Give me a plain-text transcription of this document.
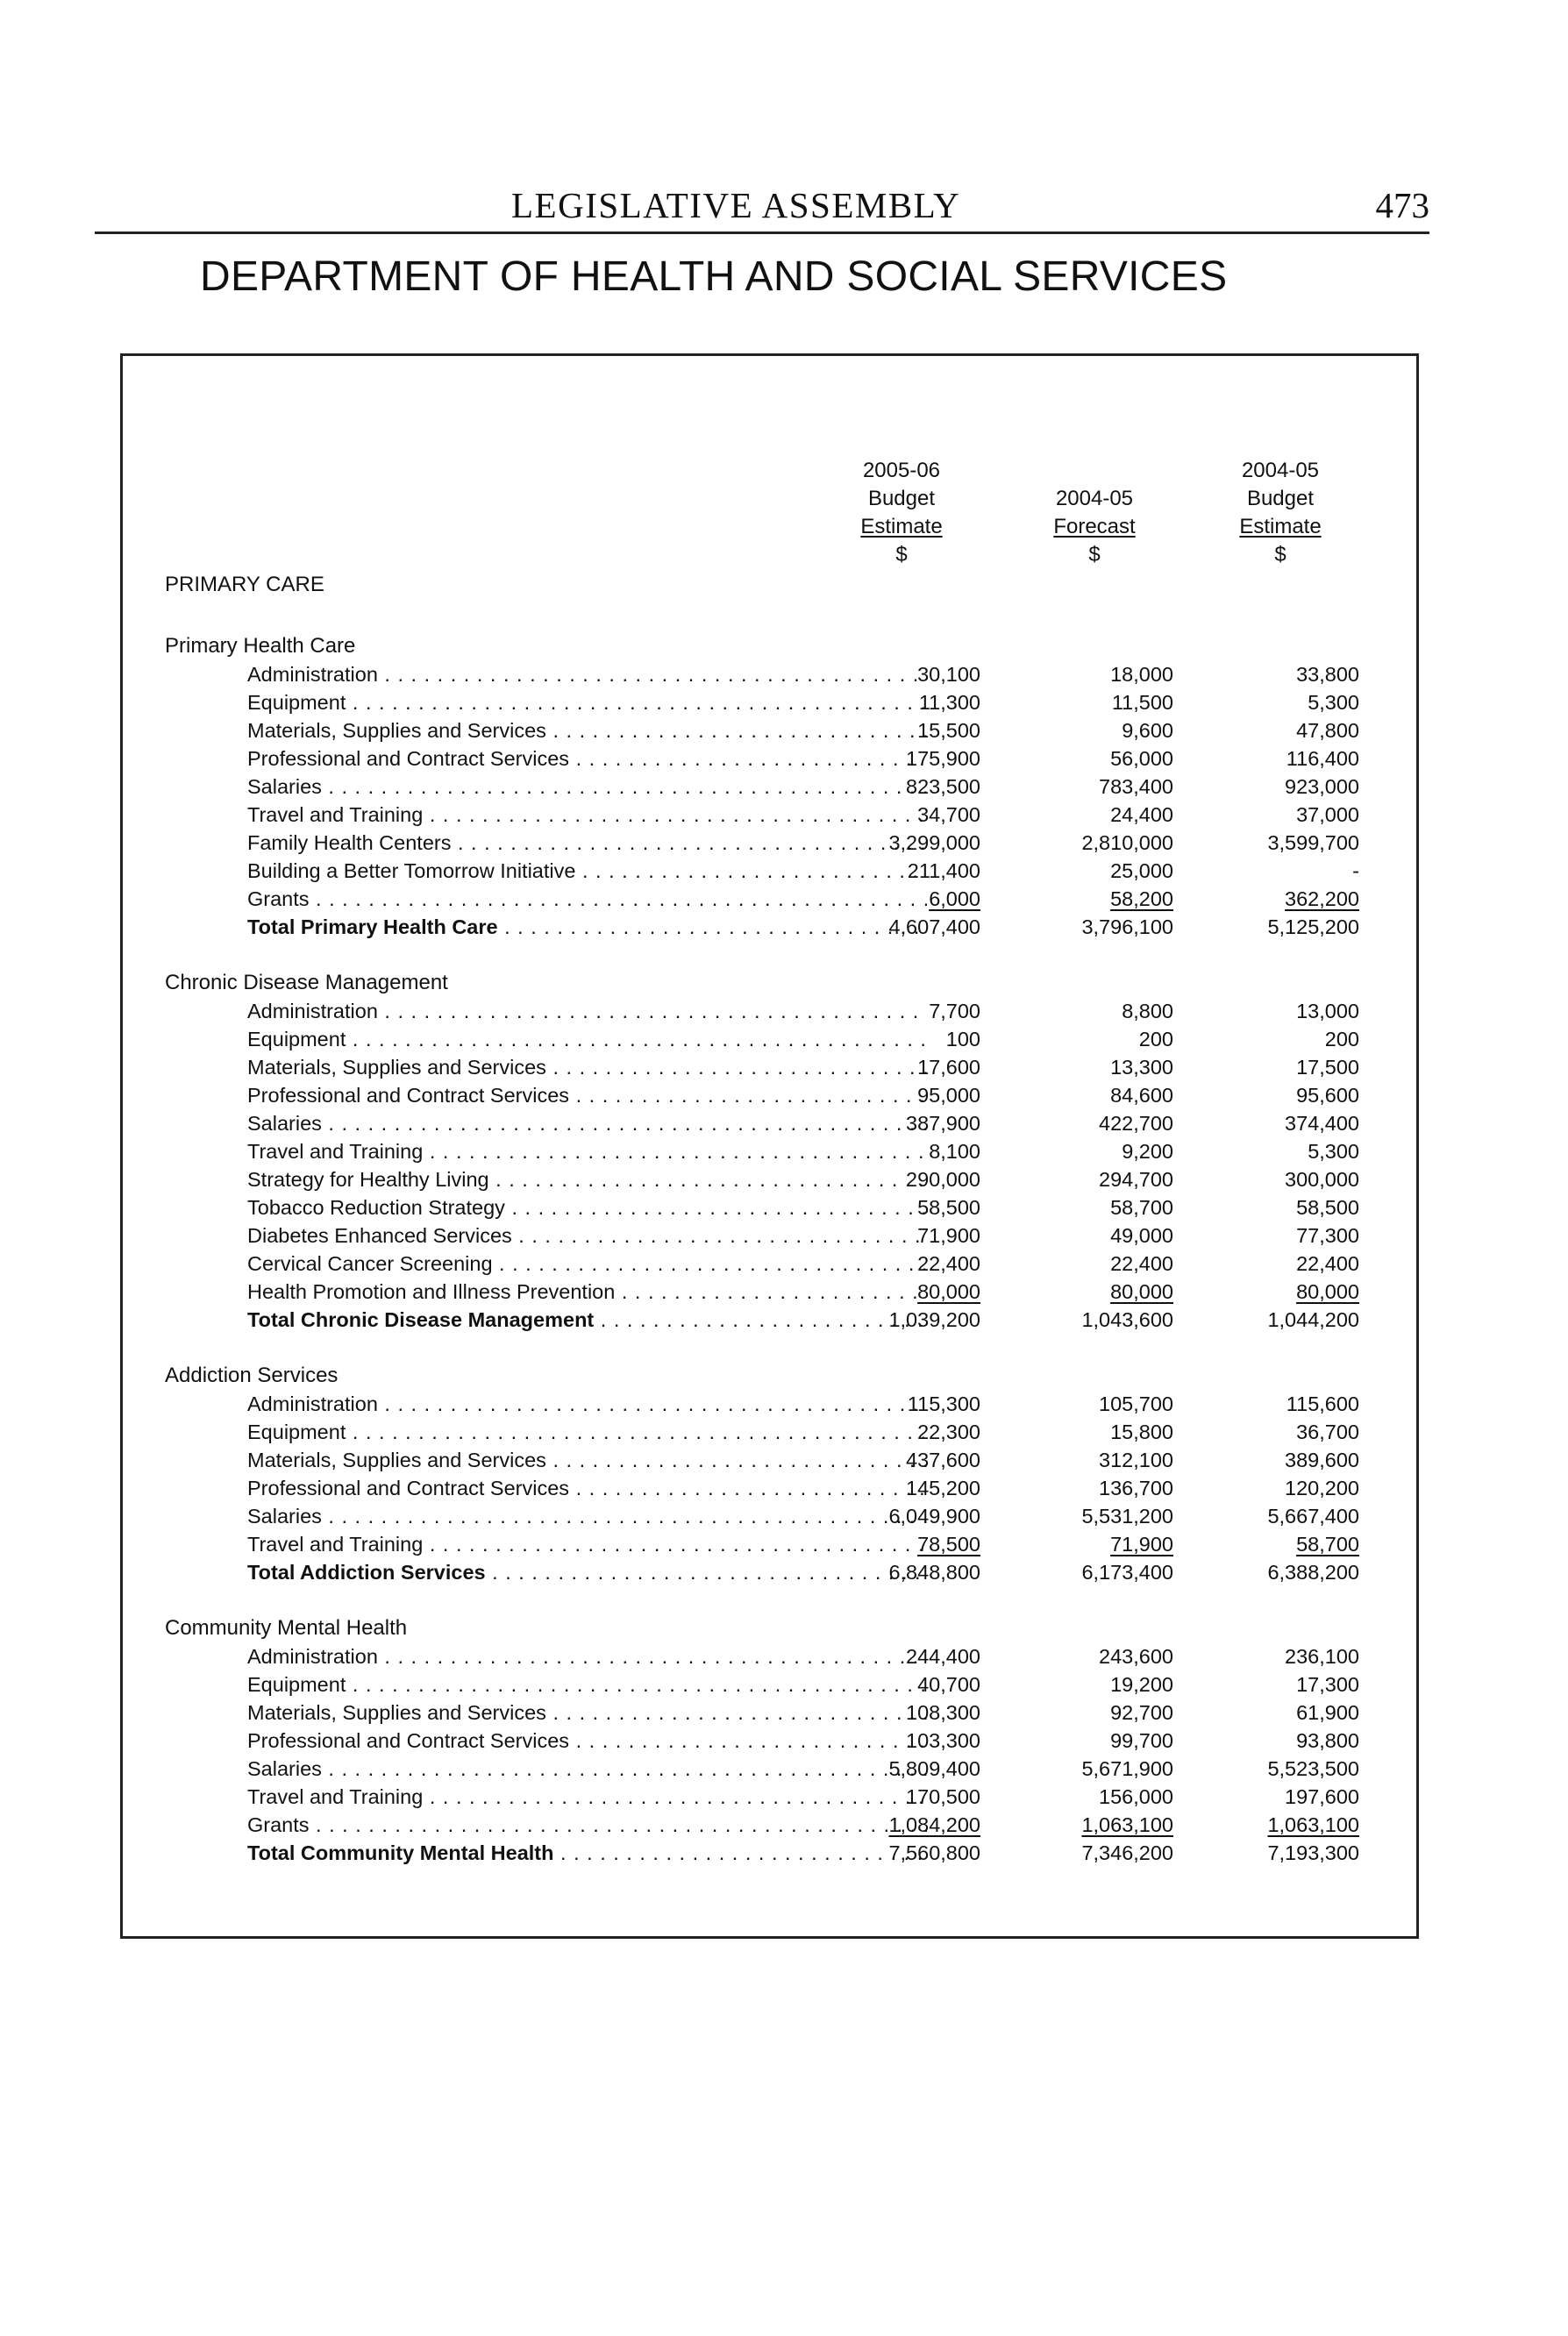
LEGISLATIVE ASSEMBLY	473
DEPARTMENT OF HEALTH AND SOCIAL SERVICES
2005-06
Budget
Estimate
$
2004-05
Forecast
$
2004-05
Budget
Estimate
$
PRIMARY CARE
Primary Health Care
Administration . . .	30,100	18,000	33,800
Equipment . . .	11,300	11,500	5,300
Materials, Supplies and Services . . .	15,500	9,600	47,800
Professional and Contract Services . . .	175,900	56,000	116,400
Salaries . . .	823,500	783,400	923,000
Travel and Training . . .	34,700	24,400	37,000
Family Health Centers . . .	3,299,000	2,810,000	3,599,700
Building a Better Tomorrow Initiative . . .	211,400	25,000	-
Grants . . .	6,000	58,200	362,200
Total Primary Health Care . . .	4,607,400	3,796,100	5,125,200
Chronic Disease Management
Administration . . .	7,700	8,800	13,000
Equipment . . .	100	200	200
Materials, Supplies and Services . . .	17,600	13,300	17,500
Professional and Contract Services . . .	95,000	84,600	95,600
Salaries . . .	387,900	422,700	374,400
Travel and Training . . .	8,100	9,200	5,300
Strategy for Healthy Living . . .	290,000	294,700	300,000
Tobacco Reduction Strategy . . .	58,500	58,700	58,500
Diabetes Enhanced Services . . .	71,900	49,000	77,300
Cervical Cancer Screening . . .	22,400	22,400	22,400
Health Promotion and Illness Prevention . . .	80,000	80,000	80,000
Total Chronic Disease Management . . .	1,039,200	1,043,600	1,044,200
Addiction Services
Administration . . .	115,300	105,700	115,600
Equipment . . .	22,300	15,800	36,700
Materials, Supplies and Services . . .	437,600	312,100	389,600
Professional and Contract Services . . .	145,200	136,700	120,200
Salaries . . .	6,049,900	5,531,200	5,667,400
Travel and Training . . .	78,500	71,900	58,700
Total Addiction Services . . .	6,848,800	6,173,400	6,388,200
Community Mental Health
Administration . . .	244,400	243,600	236,100
Equipment . . .	40,700	19,200	17,300
Materials, Supplies and Services . . .	108,300	92,700	61,900
Professional and Contract Services . . .	103,300	99,700	93,800
Salaries . . .	5,809,400	5,671,900	5,523,500
Travel and Training . . .	170,500	156,000	197,600
Grants . . .	1,084,200	1,063,100	1,063,100
Total Community Mental Health . . .	7,560,800	7,346,200	7,193,300
